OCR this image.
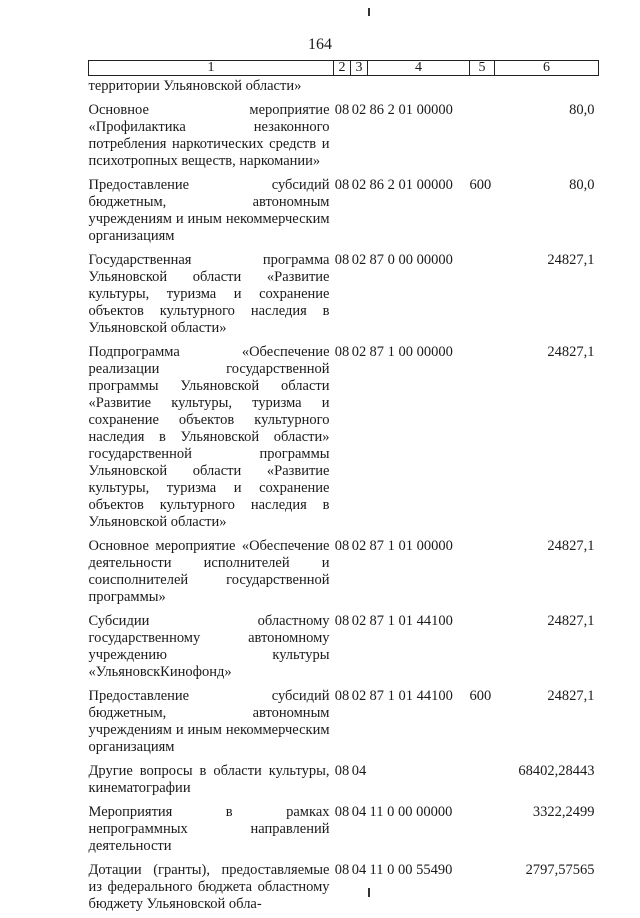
164
1	2	3	4	5	6
территории Ульяновской области»					
Основное мероприятие «Профилактика незаконного потребления наркотических средств и психотропных веществ, наркомании»	08	02	86 2 01 00000		80,0
Предоставление субсидий бюджетным, автономным учреждениям и иным некоммерческим организациям	08	02	86 2 01 00000	600	80,0
Государственная программа Ульяновской области «Развитие культуры, туризма и сохранение объектов культурного наследия в Ульяновской области»	08	02	87 0 00 00000		24827,1
Подпрограмма «Обеспечение реализации государственной программы Ульяновской области «Развитие культуры, туризма и сохранение объектов культурного наследия в Ульяновской области» государственной программы Ульяновской области «Развитие культуры, туризма и сохранение объектов культурного наследия в Ульяновской области»	08	02	87 1 00 00000		24827,1
Основное мероприятие «Обеспечение деятельности исполнителей и соисполнителей государственной программы»	08	02	87 1 01 00000		24827,1
Субсидии областному государственному автономному учреждению культуры «УльяновскКинофонд»	08	02	87 1 01 44100		24827,1
Предоставление субсидий бюджетным, автономным учреждениям и иным некоммерческим организациям	08	02	87 1 01 44100	600	24827,1
Другие вопросы в области культуры, кинематографии	08	04			68402,28443
Мероприятия в рамках непрограммных направлений деятельности	08	04	11 0 00 00000		3322,2499
Дотации (гранты), предоставляемые из федерального бюджета областному бюджету Ульяновской обла-	08	04	11 0 00 55490		2797,57565
